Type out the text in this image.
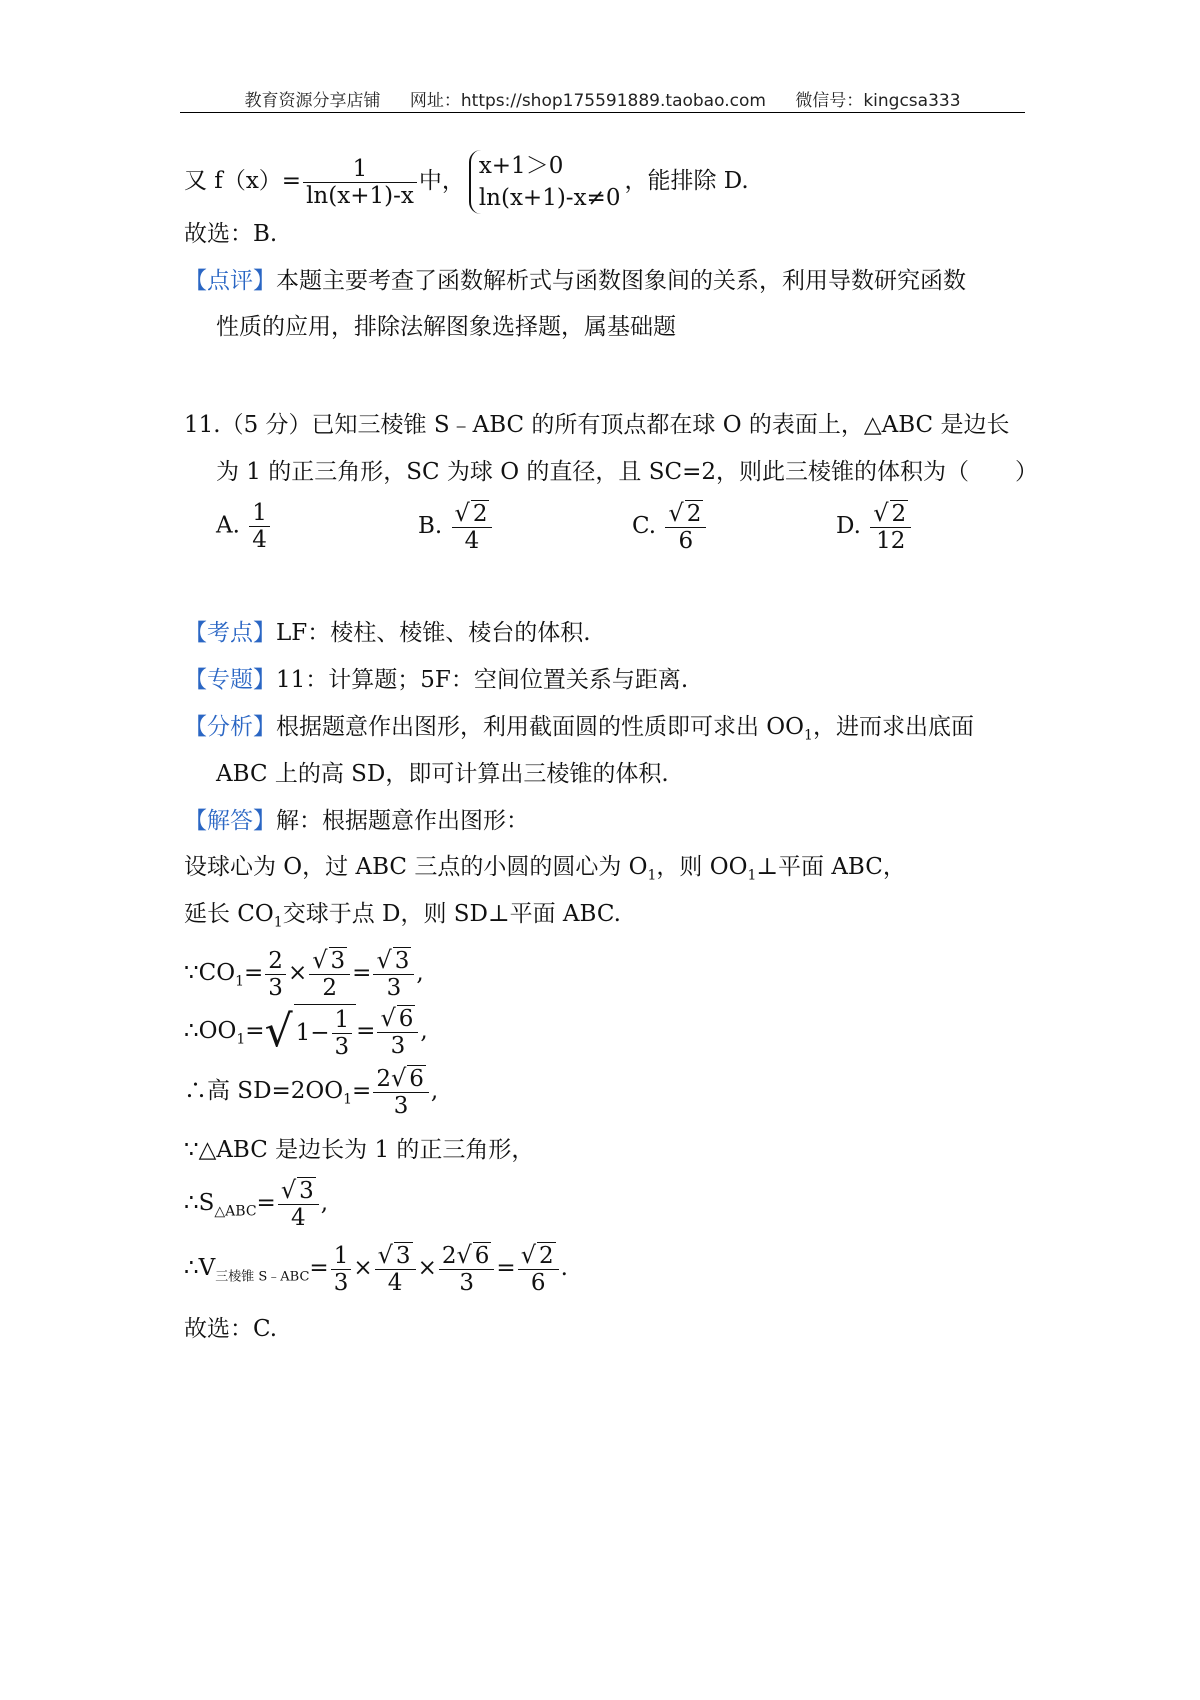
教育资源分享店铺 网址：https://shop175591889.taobao.com 微信号：kingcsa333
又 $f(x)= \frac{1}{\ln(x+1)-x}$ 中，
x+1＞0
ln(x+1)-x≠0
，能排除 D.
故选：B.
【点评】本题主要考查了函数解析式与函数图象间的关系，利用导数研究函数
性质的应用，排除法解图象选择题，属基础题
11.（5 分）已知三棱锥 S﹣ABC 的所有顶点都在球 O 的表面上，△ABC 是边长
为 1 的正三角形，SC 为球 O 的直径，且 SC=2，则此三棱锥的体积为（　　）
A. $\frac{1}{4}$	B. $\frac{√ 2}{4}$	C. $\frac{√ 2}{6}$	D. $\frac{√ 2}{12}$
【考点】LF：棱柱、棱锥、棱台的体积.
【专题】11：计算题；5F：空间位置关系与距离.
【分析】根据题意作出图形，利用截面圆的性质即可求出 $OO_1$，进而求出底面
ABC 上的高 SD，即可计算出三棱锥的体积.
【解答】解：根据题意作出图形：
设球心为 O，过 ABC 三点的小圆的圆心为 $O_1$，则 $OO_1\perp$平面 ABC，
延长 $CO_1$交球于点 D，则 SD⊥平面 ABC.
$\because CO_1= \frac{2}{3} \times \frac{√ 3}{2} = \frac{√ 3}{3}$ ,
$\therefore OO_1=√$ $1- \frac{1}{3} = \frac{√ 6}{3}$ ,
∴高 $SD=2OO_1= \frac{2√ 6}{3}$ ,
∵△ABC 是边长为 1 的正三角形，
$\therefore S_{\triangle ABC}= \frac{√ 3}{4}$ ,
$\therefore V_{三棱锥 S﹣ABC}= \frac{1}{3} \times \frac{√ 3}{4} \times \frac{2√ 6}{3} = \frac{√ 2}{6}$ .
故选：C.
